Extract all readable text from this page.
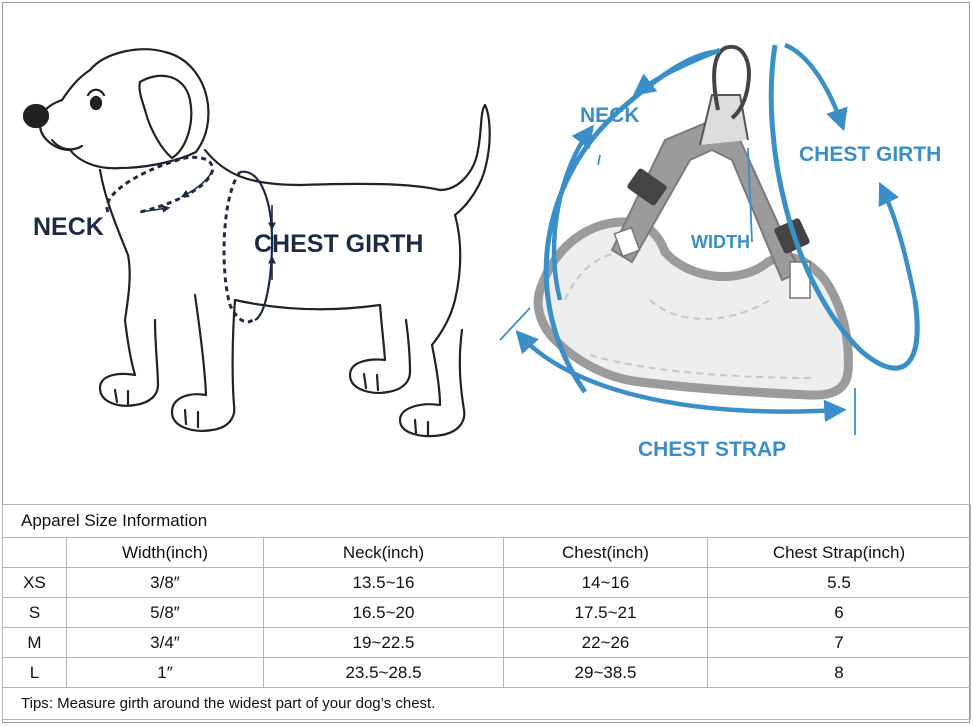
NECK
CHEST GIRTH
NECK
CHEST GIRTH
WIDTH
CHEST STRAP
Apparel Size Information				
	Width(inch)	Neck(inch)	Chest(inch)	Chest Strap(inch)
XS	3/8″	13.5~16	14~16	5.5
S	5/8″	16.5~20	17.5~21	6
M	3/4″	19~22.5	22~26	7
L	1″	23.5~28.5	29~38.5	8
Tips: Measure girth around the widest part of your dog’s chest.				
